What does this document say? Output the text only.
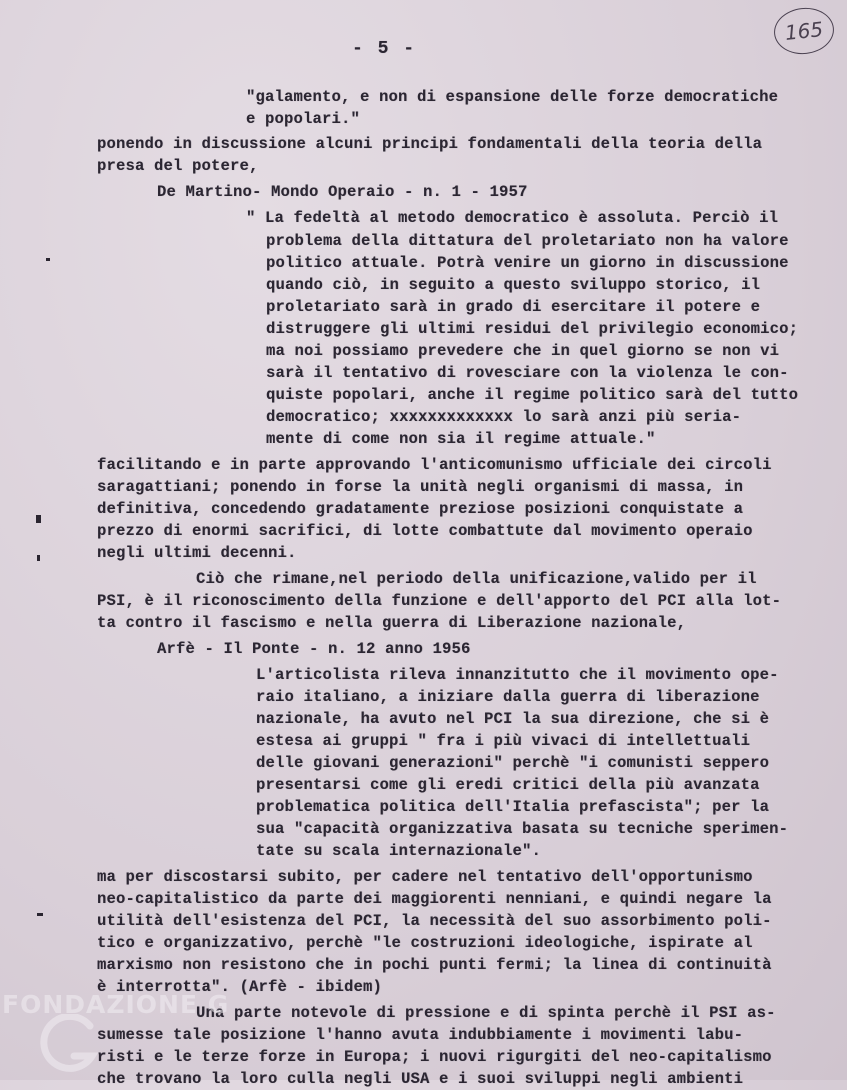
- 5 -
165
"galamento, e non di espansione delle forze democratiche
e popolari."
ponendo in discussione alcuni principi fondamentali della teoria della
presa del potere,
De Martino- Mondo Operaio - n. 1 - 1957
" La fedeltà al metodo democratico è assoluta. Perciò il
problema della dittatura del proletariato non ha valore
politico attuale. Potrà venire un giorno in discussione
quando ciò, in seguito a questo sviluppo storico, il
proletariato sarà in grado di esercitare il potere e
distruggere gli ultimi residui del privilegio economico;
ma noi possiamo prevedere che in quel giorno se non vi
sarà il tentativo di rovesciare con la violenza le con-
quiste popolari, anche il regime politico sarà del tutto
democratico; xxxxxxxxxxxxx lo sarà anzi più seria-
mente di come non sia il regime attuale."
facilitando e in parte approvando l'anticomunismo ufficiale dei circoli
saragattiani; ponendo in forse la unità negli organismi di massa, in
definitiva, concedendo gradatamente preziose posizioni conquistate a
prezzo di enormi sacrifici, di lotte combattute dal movimento operaio
negli ultimi decenni.
Ciò che rimane,nel periodo della unificazione,valido per il
PSI, è il riconoscimento della funzione e dell'apporto del PCI alla lot-
ta contro il fascismo e nella guerra di Liberazione nazionale,
Arfè - Il Ponte - n. 12 anno 1956
L'articolista rileva innanzitutto che il movimento ope-
raio italiano, a iniziare dalla guerra di liberazione
nazionale, ha avuto nel PCI la sua direzione, che si è
estesa ai gruppi " fra i più vivaci di intellettuali
delle giovani generazioni" perchè "i comunisti seppero
presentarsi come gli eredi critici della più avanzata
problematica politica dell'Italia prefascista"; per la
sua "capacità organizzativa basata su tecniche sperimen-
tate su scala internazionale".
ma per discostarsi subito, per cadere nel tentativo dell'opportunismo
neo-capitalistico da parte dei maggiorenti nenniani, e quindi negare la
utilità dell'esistenza del PCI, la necessità del suo assorbimento poli-
tico e organizzativo, perchè "le costruzioni ideologiche, ispirate al
marxismo non resistono che in pochi punti fermi; la linea di continuità
è interrotta". (Arfè - ibidem)
Una parte notevole di pressione e di spinta perchè il PSI as-
sumesse tale posizione l'hanno avuta indubbiamente i movimenti labu-
risti e le terze forze in Europa; i nuovi rigurgiti del neo-capitalismo
che trovano la loro culla negli USA e i suoi sviluppi negli ambienti
FONDAZIONE G
